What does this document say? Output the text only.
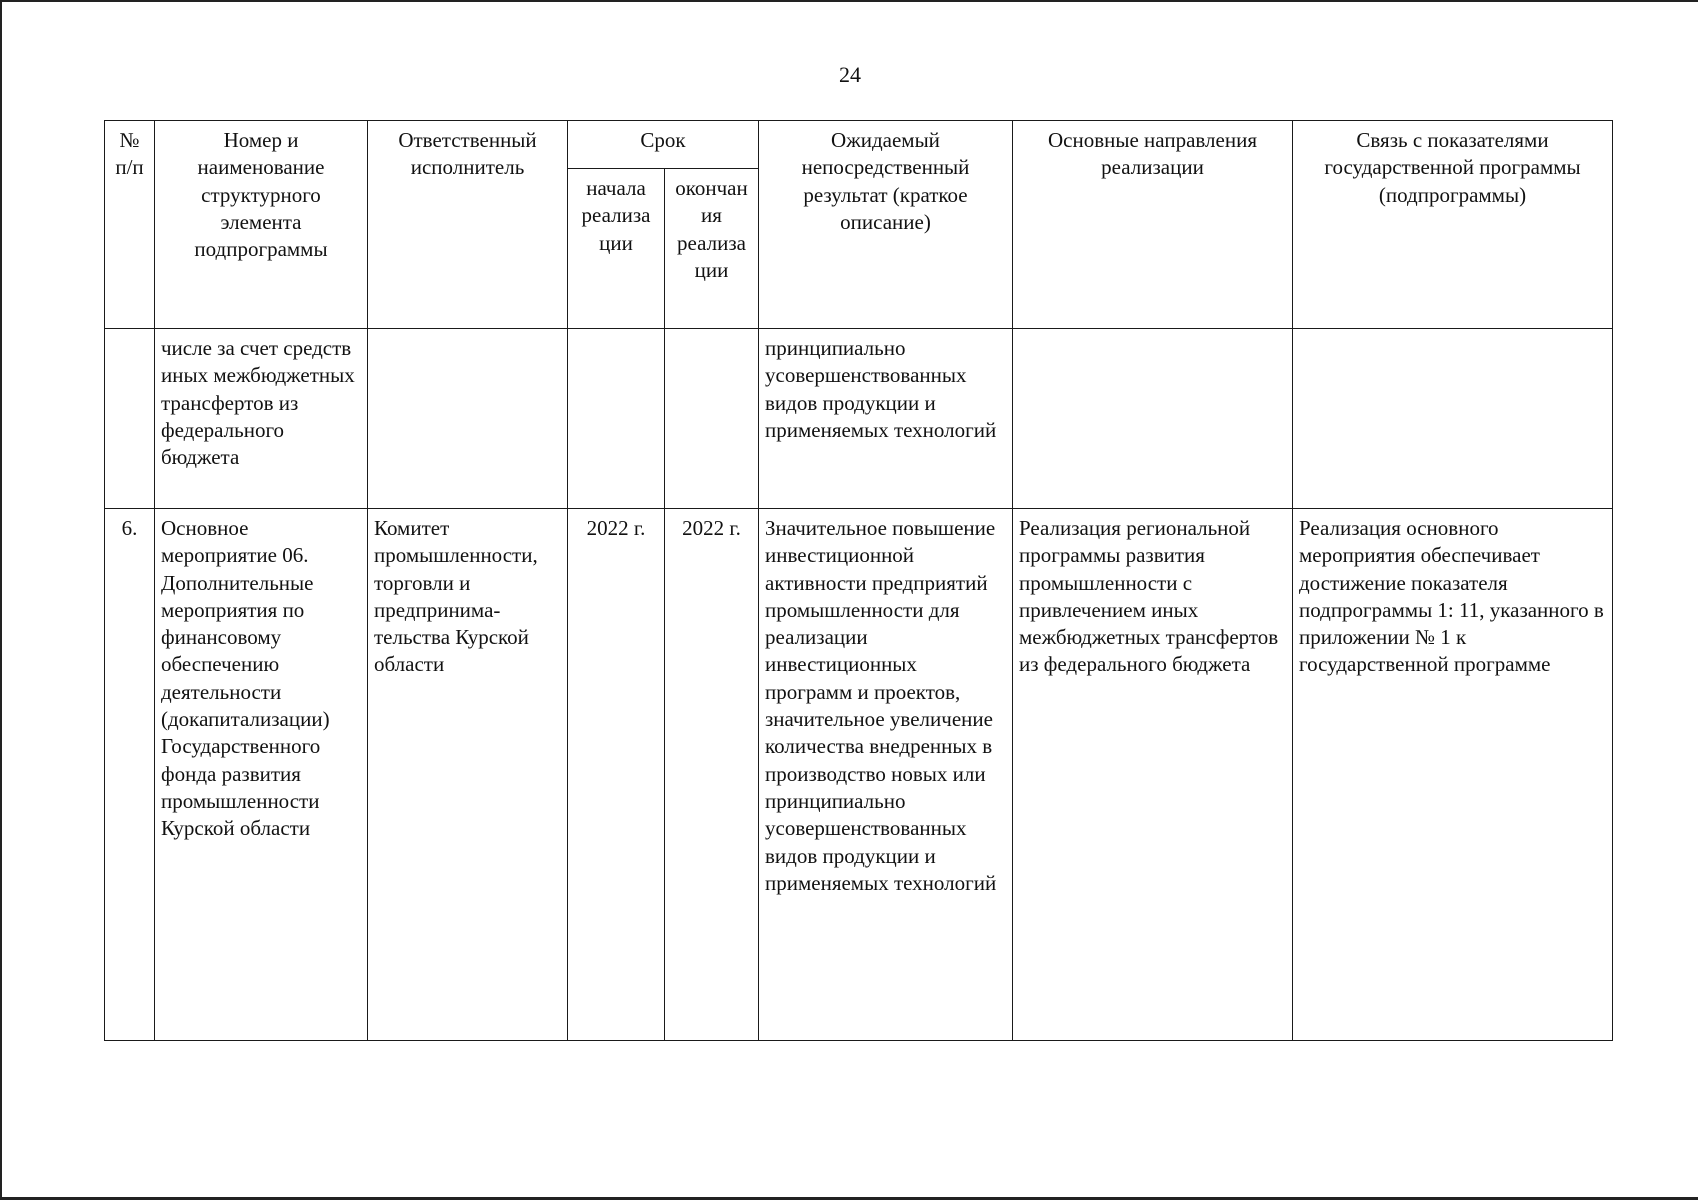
24
№ п/п	Номер и наименование структурного элемента подпрограммы	Ответственный исполнитель	Срок		Ожидаемый непосредственный результат (краткое описание)	Основные направления реализации	Связь с показателями государственной программы (подпрограммы)
			начала реализа ции	окончан ия реализа ции			
	числе за счет средств иных межбюджетных трансфертов из федерального бюджета				принципиально усовершенствованных видов продукции и применяемых технологий		
6.	Основное мероприятие 06. Дополнительные мероприятия по финансовому обеспечению деятельности (докапитализации) Государственного фонда развития промышленности Курской области	Комитет промышленности, торговли и предпринима-тельства Курской области	2022 г.	2022 г.	Значительное повышение инвестиционной активности предприятий промышленности для реализации инвестиционных программ и проектов, значительное увеличение количества внедренных в производство новых или принципиально усовершенствованных видов продукции и применяемых технологий	Реализация региональной программы развития промышленности с привлечением иных межбюджетных трансфертов из федерального бюджета	Реализация основного мероприятия обеспечивает достижение показателя подпрограммы 1: 11, указанного в приложении № 1 к государственной программе
